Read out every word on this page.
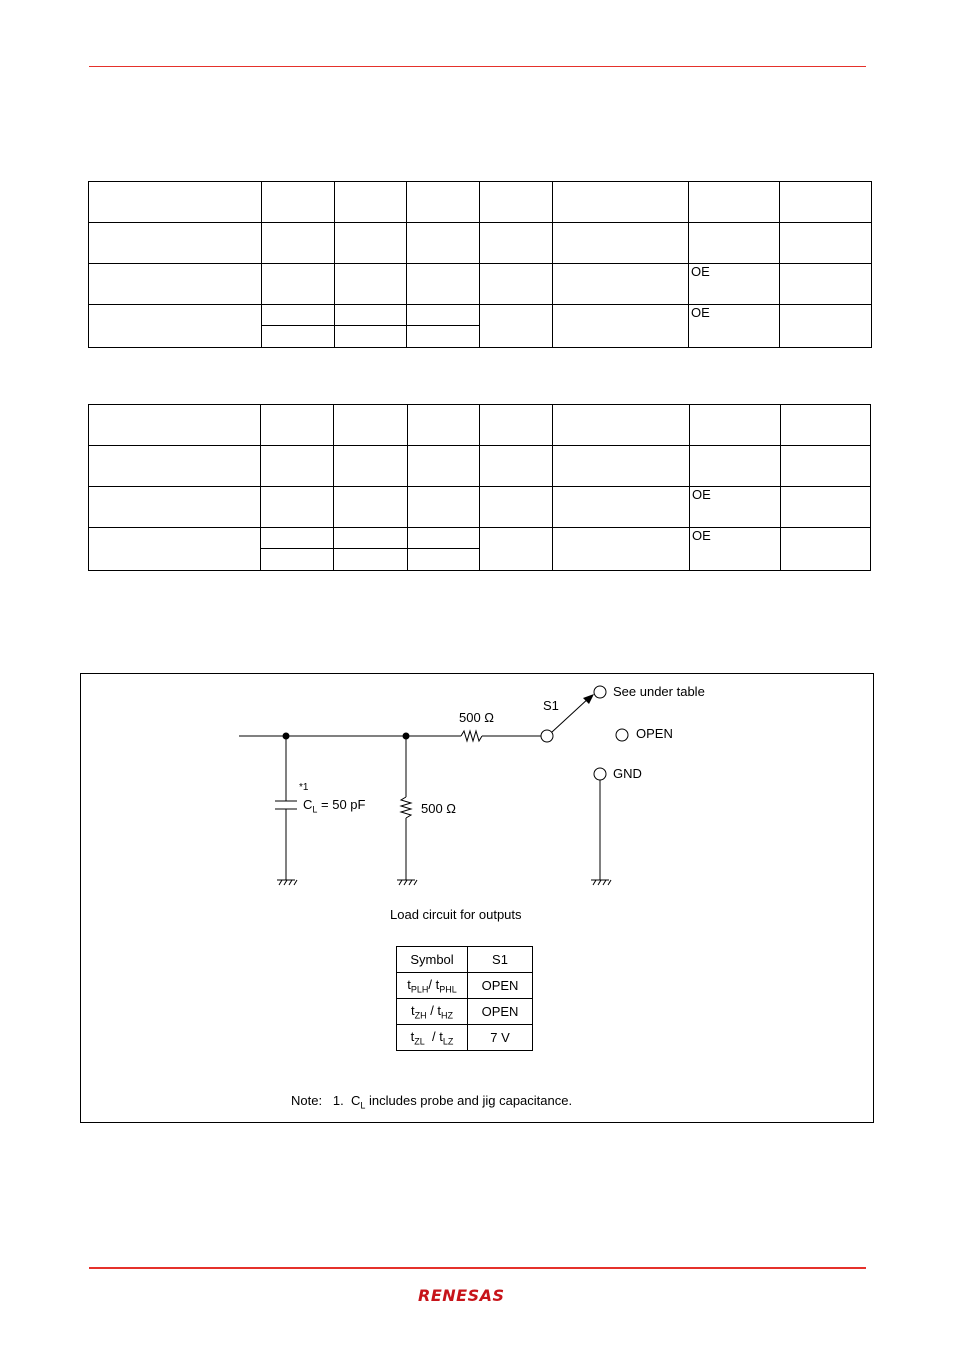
						$\overline{OE}$	
						$\overline{OE}$	

						$\overline{OE}$	
						$\overline{OE}$	

500 Ω
S1
See under table
OPEN
GND
*1
$C_L = 50$ pF	500 Ω
Load circuit for outputs
Symbol	S1
$t_{PLH}/$ $t_{PHL}$	OPEN
$t_{ZH} / t_{HZ}$	OPEN
$t_{ZL} / t_{LZ}$	7 V
Note:   1.  $C_L$ includes probe and jig capacitance.
RENESAS
